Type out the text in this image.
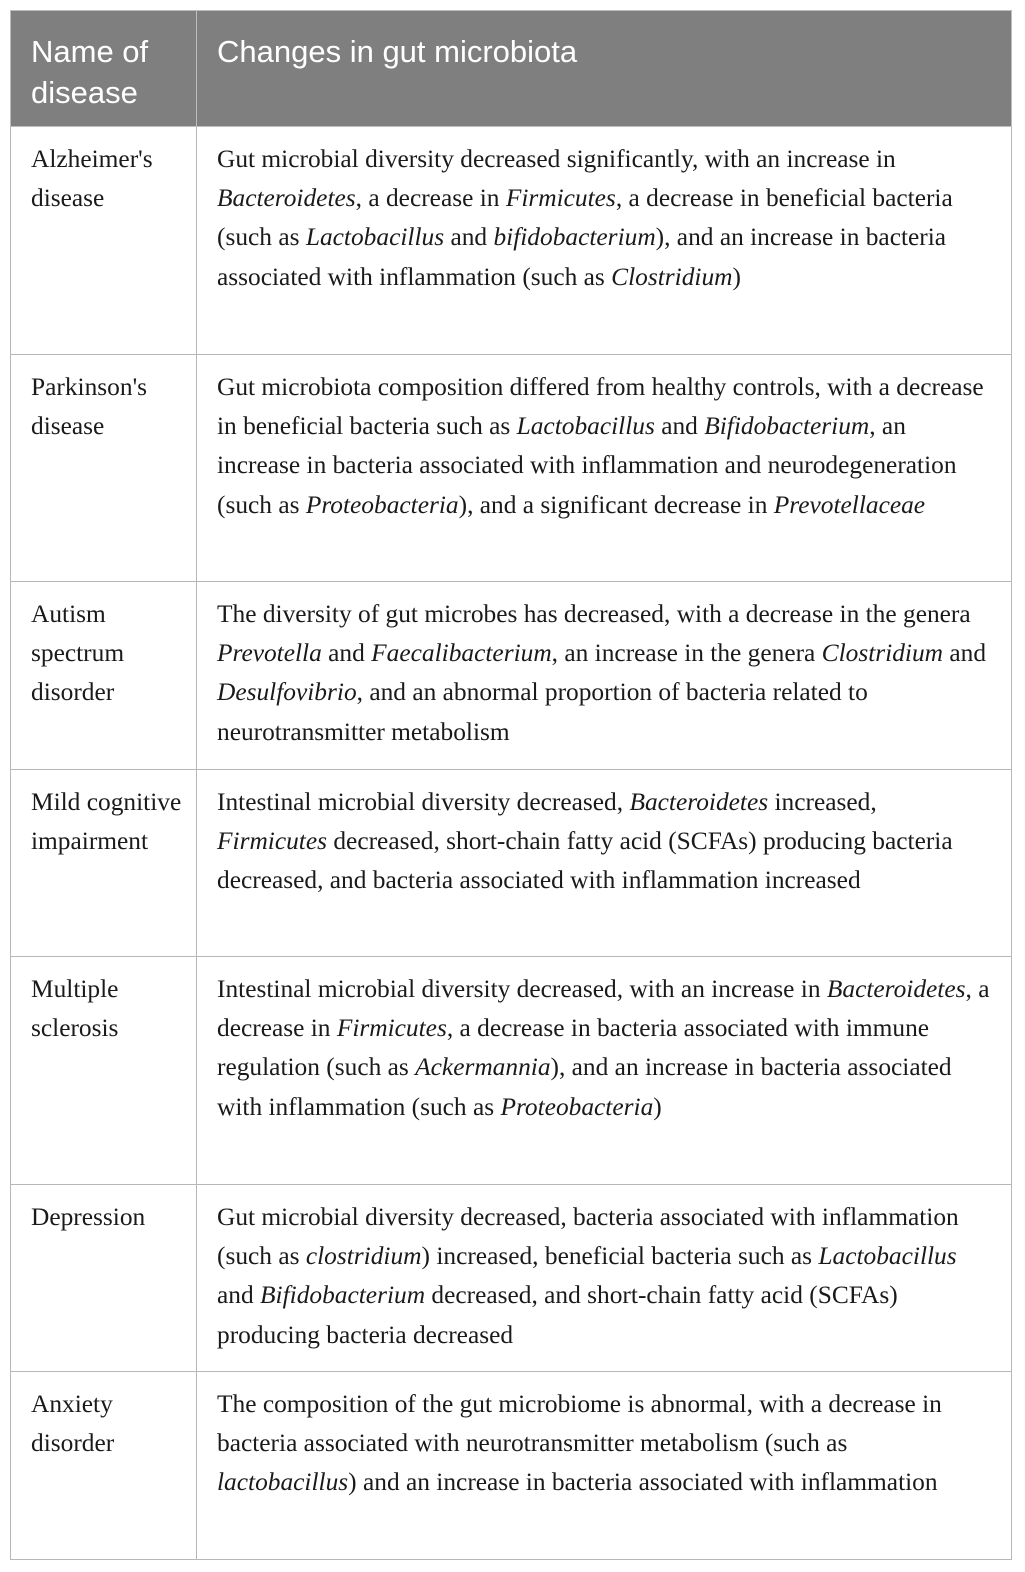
Name of disease	Changes in gut microbiota
Alzheimer's disease	Gut microbial diversity decreased significantly, with an increase in Bacteroidetes, a decrease in Firmicutes, a decrease in beneficial bacteria (such as Lactobacillus and bifidobacterium), and an increase in bacteria associated with inflammation (such as Clostridium)
Parkinson's disease	Gut microbiota composition differed from healthy controls, with a decrease in beneficial bacteria such as Lactobacillus and Bifidobacterium, an increase in bacteria associated with inflammation and neurodegeneration (such as Proteobacteria), and a significant decrease in Prevotellaceae
Autism spectrum disorder	The diversity of gut microbes has decreased, with a decrease in the genera Prevotella and Faecalibacterium, an increase in the genera Clostridium and Desulfovibrio, and an abnormal proportion of bacteria related to neurotransmitter metabolism
Mild cognitive impairment	Intestinal microbial diversity decreased, Bacteroidetes increased, Firmicutes decreased, short-chain fatty acid (SCFAs) producing bacteria decreased, and bacteria associated with inflammation increased
Multiple sclerosis	Intestinal microbial diversity decreased, with an increase in Bacteroidetes, a decrease in Firmicutes, a decrease in bacteria associated with immune regulation (such as Ackermannia), and an increase in bacteria associated with inflammation (such as Proteobacteria)
Depression	Gut microbial diversity decreased, bacteria associated with inflammation (such as clostridium) increased, beneficial bacteria such as Lactobacillus and Bifidobacterium decreased, and short-chain fatty acid (SCFAs) producing bacteria decreased
Anxiety disorder	The composition of the gut microbiome is abnormal, with a decrease in bacteria associated with neurotransmitter metabolism (such as lactobacillus) and an increase in bacteria associated with inflammation
